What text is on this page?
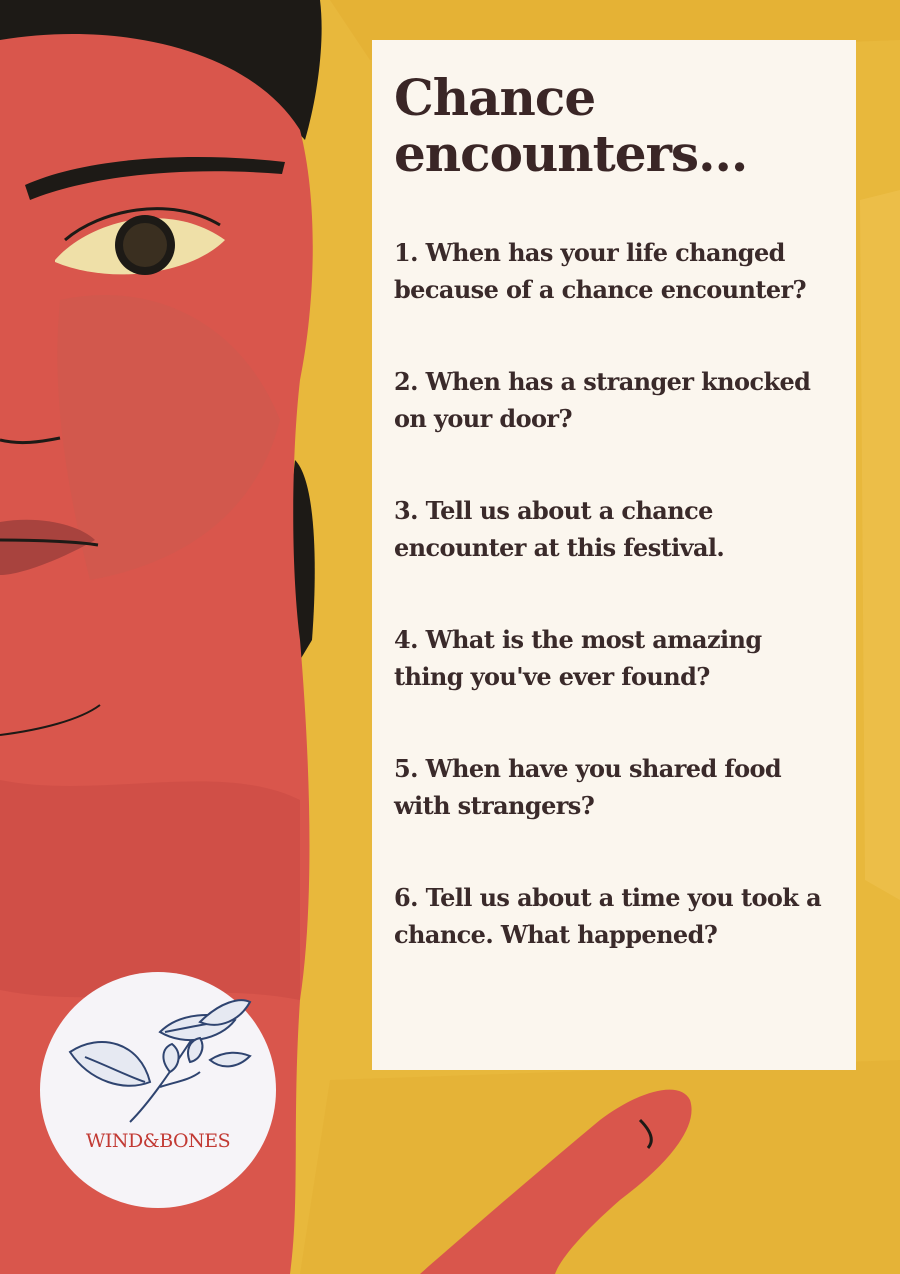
Chance
encounters...

1. When has your life changed because of a chance encounter?

2. When has a stranger knocked on your door?

3. Tell us about a chance encounter at this festival.

4. What is the most amazing thing you've ever found?

5. When have you shared food with strangers?

6. Tell us about a time you took a chance. What happened?

WIND&BONES
